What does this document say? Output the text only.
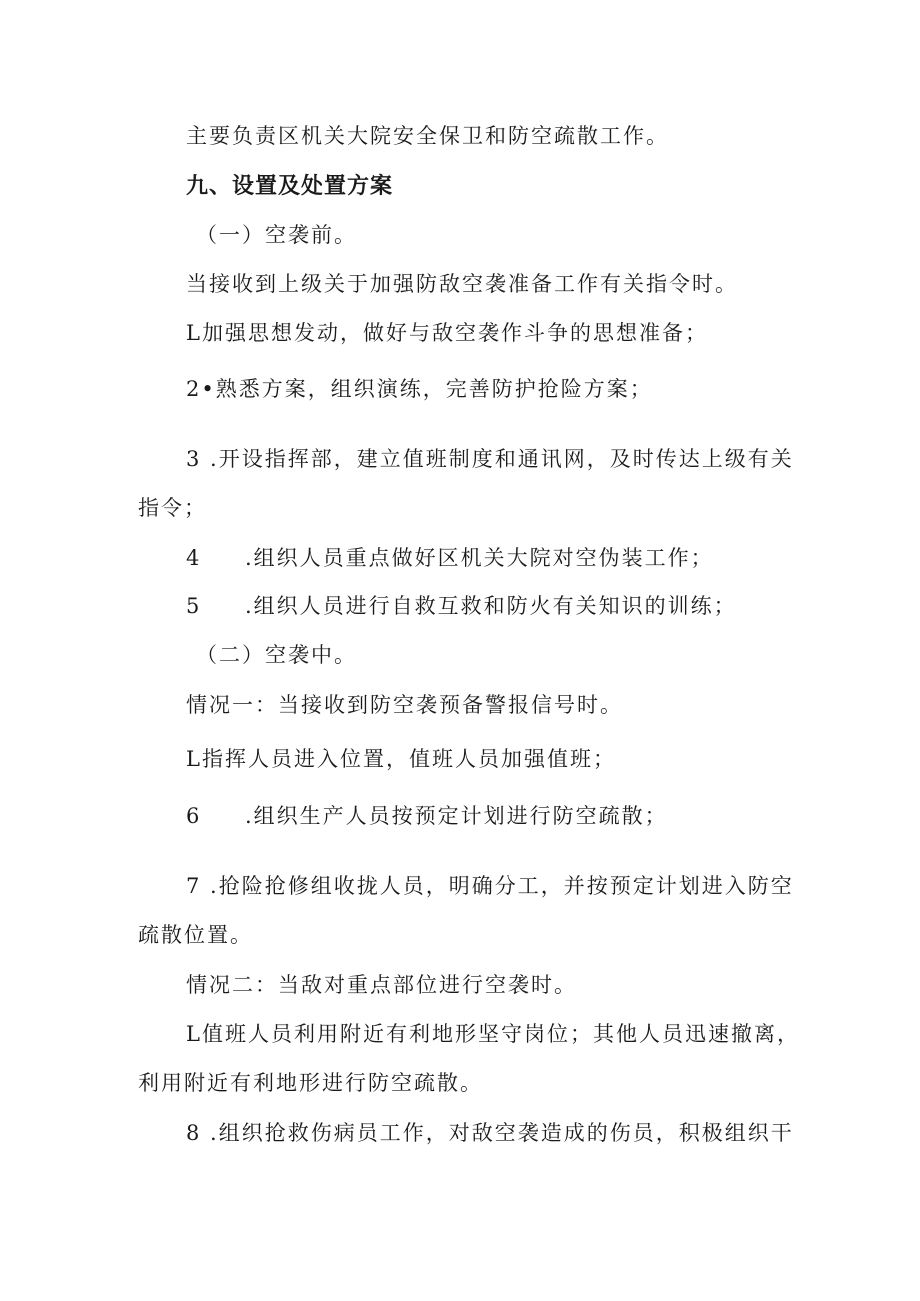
主要负责区机关大院安全保卫和防空疏散工作。
九、设置及处置方案
（一）空袭前。
当接收到上级关于加强防敌空袭准备工作有关指令时。
L加强思想发动，做好与敌空袭作斗争的思想准备；
2•熟悉方案，组织演练，完善防护抢险方案；
3 .开设指挥部，建立值班制度和通讯网，及时传达上级有关
指令；
4 .组织人员重点做好区机关大院对空伪装工作；
5 .组织人员进行自救互救和防火有关知识的训练；
（二）空袭中。
情况一：当接收到防空袭预备警报信号时。
L指挥人员进入位置，值班人员加强值班；
6 .组织生产人员按预定计划进行防空疏散；
7 .抢险抢修组收拢人员，明确分工，并按预定计划进入防空
疏散位置。
情况二：当敌对重点部位进行空袭时。
L值班人员利用附近有利地形坚守岗位；其他人员迅速撤离，
利用附近有利地形进行防空疏散。
8 .组织抢救伤病员工作，对敌空袭造成的伤员，积极组织干
